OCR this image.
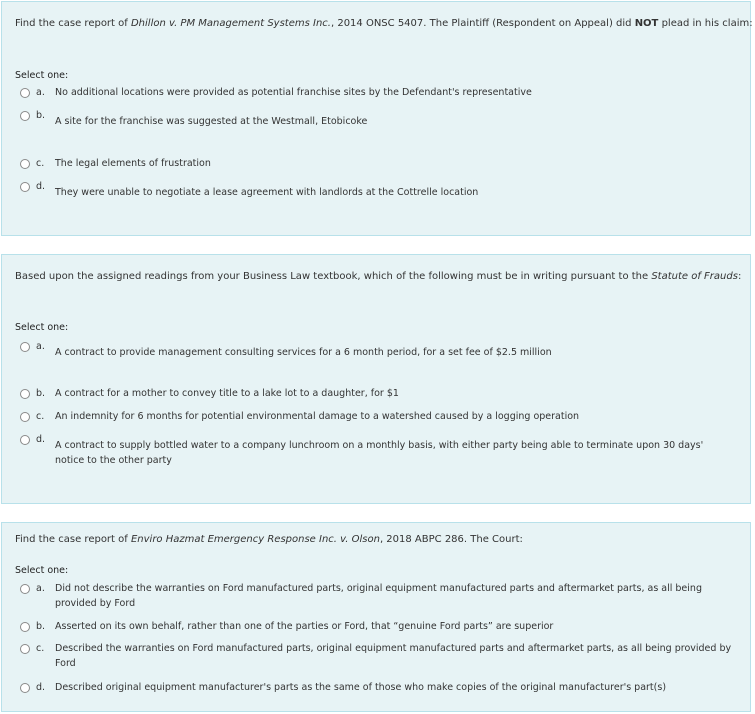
Find the case report of Dhillon v. PM Management Systems Inc., 2014 ONSC 5407. The Plaintiff (Respondent on Appeal) did NOT plead in his claim:
Select one:
a. No additional locations were provided as potential franchise sites by the Defendant's representative
b.
A site for the franchise was suggested at the Westmall, Etobicoke
c. The legal elements of frustration
d.
They were unable to negotiate a lease agreement with landlords at the Cottrelle location
Based upon the assigned readings from your Business Law textbook, which of the following must be in writing pursuant to the Statute of Frauds:
Select one:
a.
A contract to provide management consulting services for a 6 month period, for a set fee of $2.5 million
b. A contract for a mother to convey title to a lake lot to a daughter, for $1
c. An indemnity for 6 months for potential environmental damage to a watershed caused by a logging operation
d.
A contract to supply bottled water to a company lunchroom on a monthly basis, with either party being able to terminate upon 30 days' notice to the other party
Find the case report of Enviro Hazmat Emergency Response Inc. v. Olson, 2018 ABPC 286. The Court:
Select one:
a. Did not describe the warranties on Ford manufactured parts, original equipment manufactured parts and aftermarket parts, as all being provided by Ford
b. Asserted on its own behalf, rather than one of the parties or Ford, that “genuine Ford parts” are superior
c. Described the warranties on Ford manufactured parts, original equipment manufactured parts and aftermarket parts, as all being provided by Ford
d. Described original equipment manufacturer's parts as the same of those who make copies of the original manufacturer's part(s)
